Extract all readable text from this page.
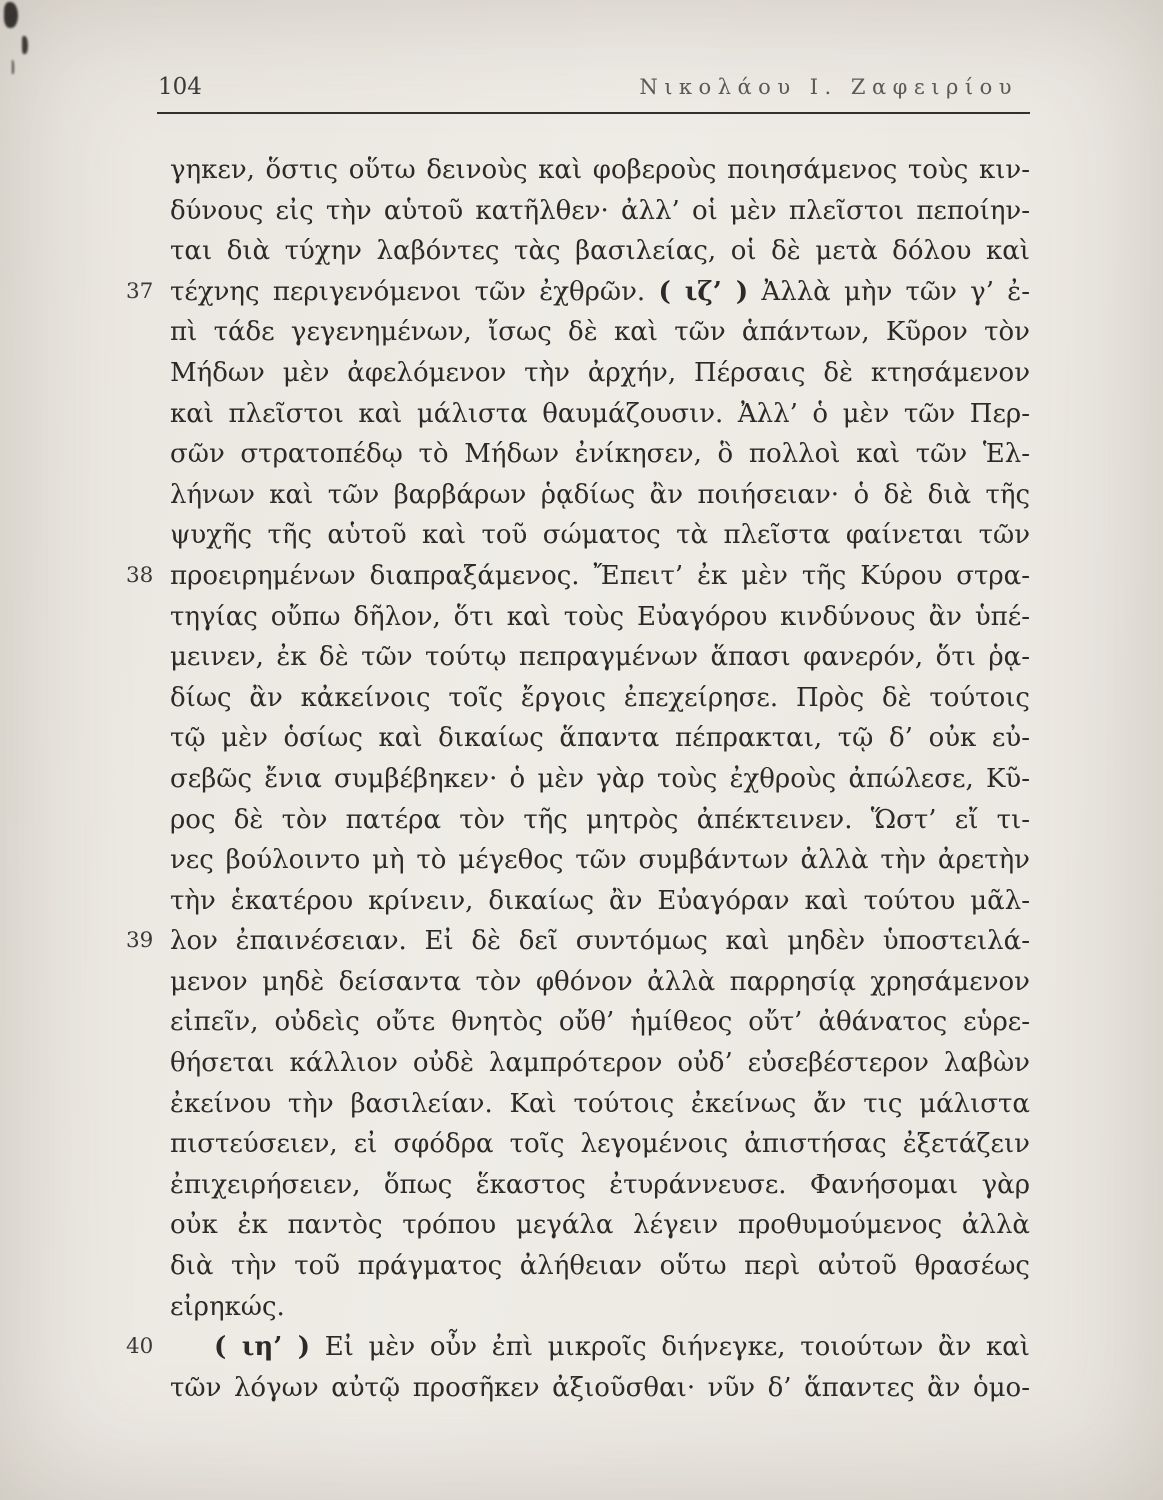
104	Νικολάου Ι. Ζαφειρίου
γηκεν, ὅστις οὕτω δεινοὺς καὶ φοβεροὺς ποιησάμενος τοὺς κιν-
δύνους εἰς τὴν αὑτοῦ κατῆλθεν· ἀλλ’ οἱ μὲν πλεῖστοι πεποίην-
ται διὰ τύχην λαβόντες τὰς βασιλείας, οἱ δὲ μετὰ δόλου καὶ
37 τέχνης περιγενόμενοι τῶν ἐχθρῶν. ( ιζ’ ) Ἀλλὰ μὴν τῶν γ’ ἐ-
πὶ τάδε γεγενημένων, ἴσως δὲ καὶ τῶν ἁπάντων, Κῦρον τὸν
Μήδων μὲν ἀφελόμενον τὴν ἀρχήν, Πέρσαις δὲ κτησάμενον
καὶ πλεῖστοι καὶ μάλιστα θαυμάζουσιν. Ἀλλ’ ὁ μὲν τῶν Περ-
σῶν στρατοπέδῳ τὸ Μήδων ἐνίκησεν, ὃ πολλοὶ καὶ τῶν Ἑλ-
λήνων καὶ τῶν βαρβάρων ῥᾳδίως ἂν ποιήσειαν· ὁ δὲ διὰ τῆς
ψυχῆς τῆς αὑτοῦ καὶ τοῦ σώματος τὰ πλεῖστα φαίνεται τῶν
38 προειρημένων διαπραξάμενος. Ἔπειτ’ ἐκ μὲν τῆς Κύρου στρα-
τηγίας οὔπω δῆλον, ὅτι καὶ τοὺς Εὐαγόρου κινδύνους ἂν ὑπέ-
μεινεν, ἐκ δὲ τῶν τούτῳ πεπραγμένων ἅπασι φανερόν, ὅτι ῥᾳ-
δίως ἂν κἀκείνοις τοῖς ἔργοις ἐπεχείρησε. Πρὸς δὲ τούτοις
τῷ μὲν ὁσίως καὶ δικαίως ἅπαντα πέπρακται, τῷ δ’ οὐκ εὐ-
σεβῶς ἔνια συμβέβηκεν· ὁ μὲν γὰρ τοὺς ἐχθροὺς ἀπώλεσε, Κῦ-
ρος δὲ τὸν πατέρα τὸν τῆς μητρὸς ἀπέκτεινεν. Ὥστ’ εἴ τι-
νες βούλοιντο μὴ τὸ μέγεθος τῶν συμβάντων ἀλλὰ τὴν ἀρετὴν
τὴν ἑκατέρου κρίνειν, δικαίως ἂν Εὐαγόραν καὶ τούτου μᾶλ-
39 λον ἐπαινέσειαν. Εἰ δὲ δεῖ συντόμως καὶ μηδὲν ὑποστειλά-
μενον μηδὲ δείσαντα τὸν φθόνον ἀλλὰ παρρησίᾳ χρησάμενον
εἰπεῖν, οὐδεὶς οὔτε θνητὸς οὔθ’ ἡμίθεος οὔτ’ ἀθάνατος εὑρε-
θήσεται κάλλιον οὐδὲ λαμπρότερον οὐδ’ εὐσεβέστερον λαβὼν
ἐκείνου τὴν βασιλείαν. Καὶ τούτοις ἐκείνως ἄν τις μάλιστα
πιστεύσειεν, εἰ σφόδρα τοῖς λεγομένοις ἀπιστήσας ἐξετάζειν
ἐπιχειρήσειεν, ὅπως ἕκαστος ἐτυράννευσε. Φανήσομαι γὰρ
οὐκ ἐκ παντὸς τρόπου μεγάλα λέγειν προθυμούμενος ἀλλὰ
διὰ τὴν τοῦ πράγματος ἀλήθειαν οὕτω περὶ αὐτοῦ θρασέως
εἰρηκώς.
40	( ιη’ ) Εἰ μὲν οὖν ἐπὶ μικροῖς διήνεγκε, τοιούτων ἂν καὶ
τῶν λόγων αὐτῷ προσῆκεν ἀξιοῦσθαι· νῦν δ’ ἅπαντες ἂν ὁμο-
